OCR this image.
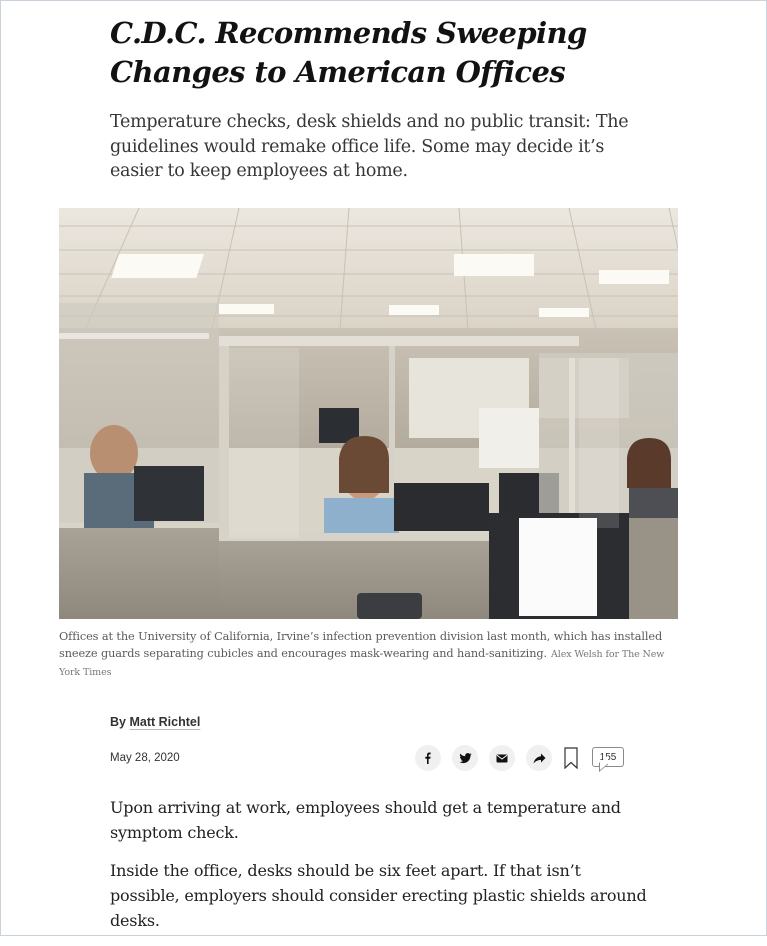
C.D.C. Recommends Sweeping Changes to American Offices

Temperature checks, desk shields and no public transit: The guidelines would remake office life. Some may decide it’s easier to keep employees at home.

Offices at the University of California, Irvine’s infection prevention division last month, which has installed sneeze guards separating cubicles and encourages mask-wearing and hand-sanitizing. Alex Welsh for The New York Times

By Matt Richtel
May 28, 2020	155

Upon arriving at work, employees should get a temperature and symptom check.

Inside the office, desks should be six feet apart. If that isn’t possible, employers should consider erecting plastic shields around desks.
